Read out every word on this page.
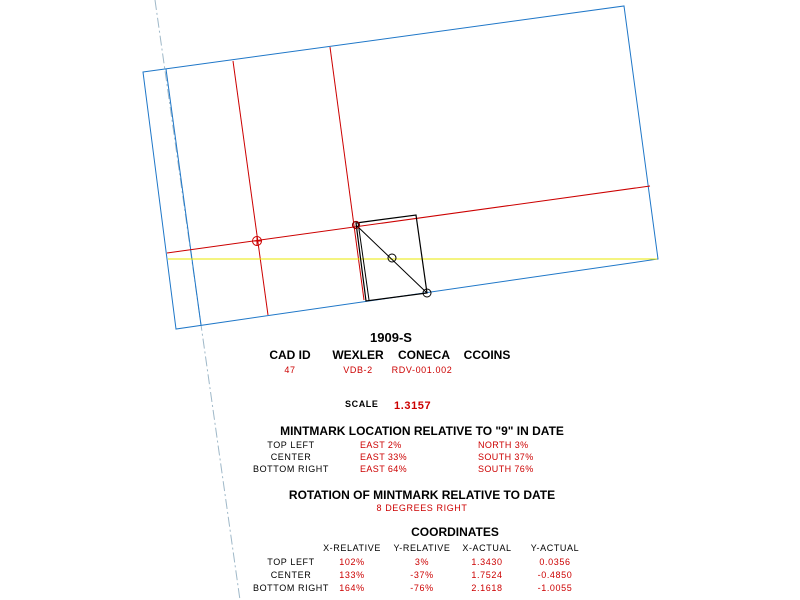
1909-S
CAD ID WEXLER CONECA CCOINS
47	VDB-2 RDV-001.002
SCALE 1.3157
MINTMARK LOCATION RELATIVE TO "9" IN DATE
TOP LEFT	EAST 2%	NORTH 3%
CENTER	EAST 33%	SOUTH 37%
BOTTOM RIGHT	EAST 64%	SOUTH 76%
ROTATION OF MINTMARK RELATIVE TO DATE
8 DEGREES RIGHT
COORDINATES
X-RELATIVE Y-RELATIVE X-ACTUAL Y-ACTUAL
TOP LEFT	102%	3%	1.3430	0.0356
CENTER	133%	-37%	1.7524	-0.4850
BOTTOM RIGHT 164%	-76%	2.1618	-1.0055
